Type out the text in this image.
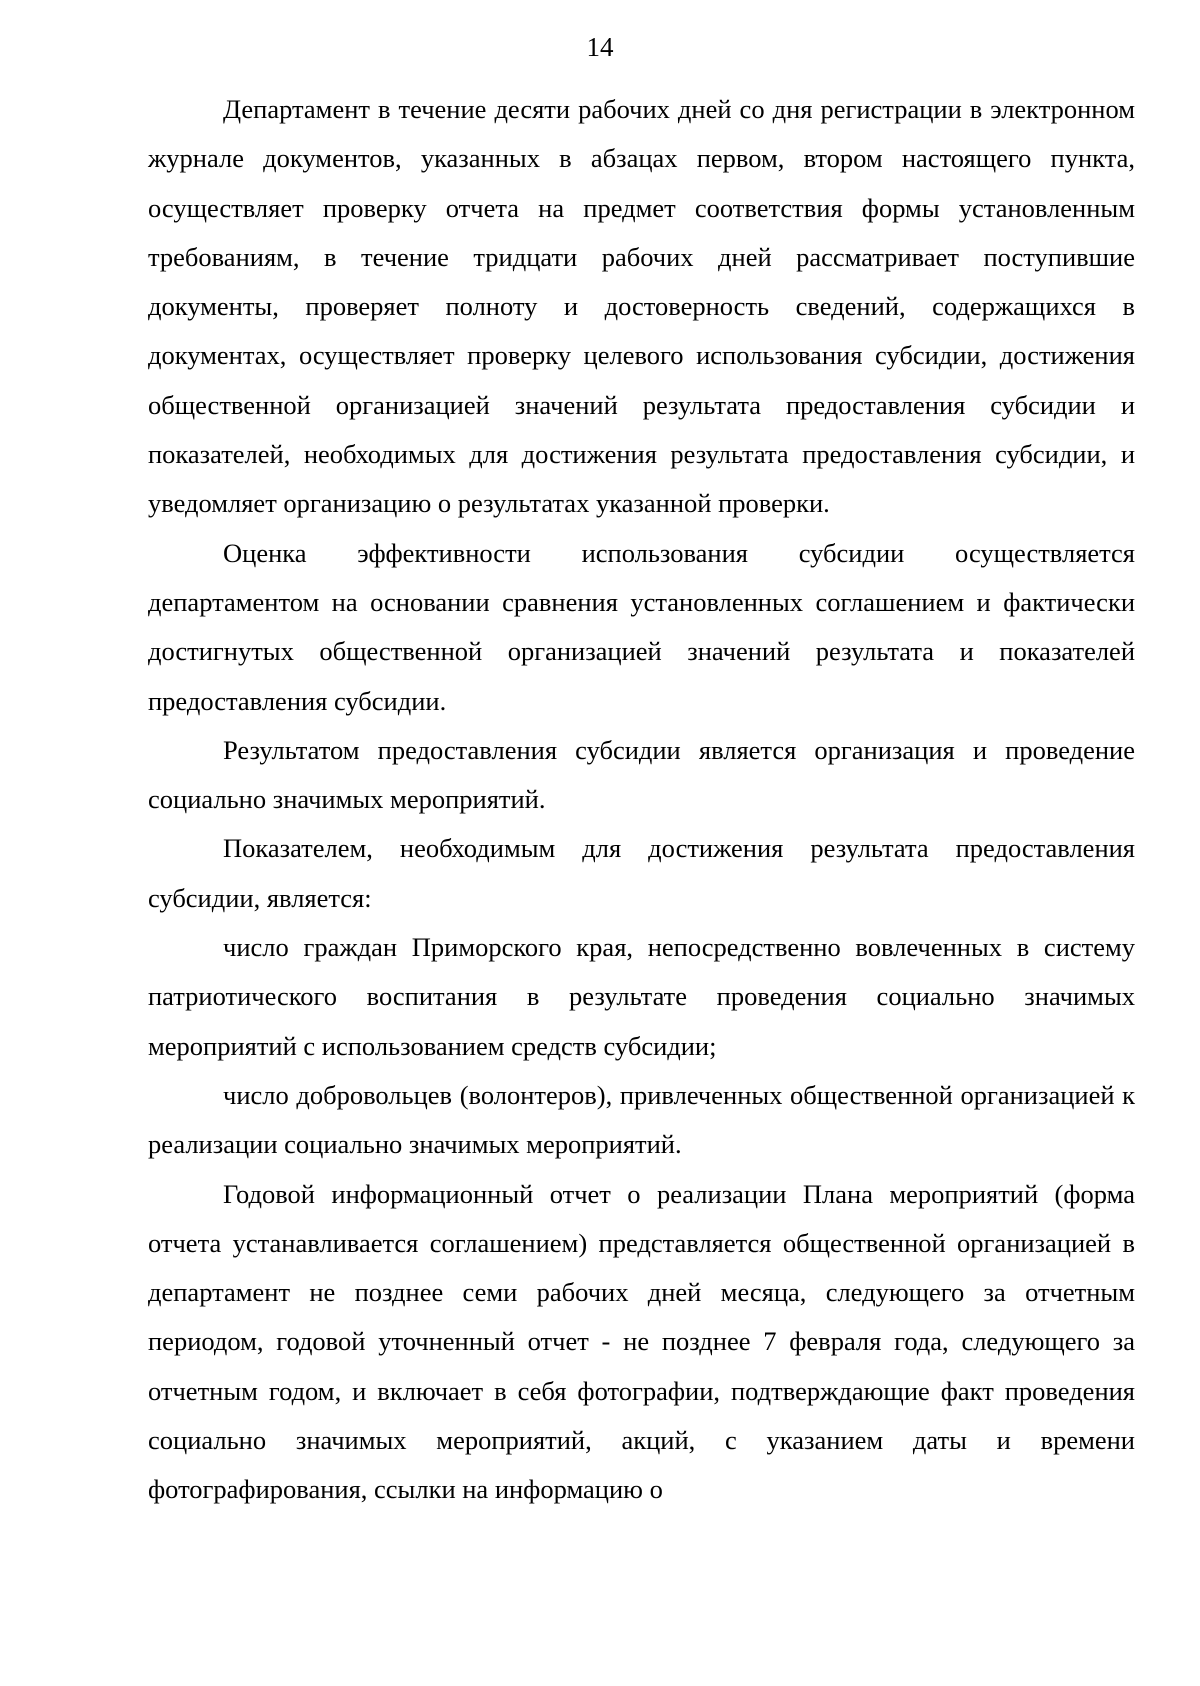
14

Департамент в течение десяти рабочих дней со дня регистрации в электронном журнале документов, указанных в абзацах первом, втором настоящего пункта, осуществляет проверку отчета на предмет соответствия формы установленным требованиям, в течение тридцати рабочих дней рассматривает поступившие документы, проверяет полноту и достоверность сведений, содержащихся в документах, осуществляет проверку целевого использования субсидии, достижения общественной организацией значений результата предоставления субсидии и показателей, необходимых для достижения результата предоставления субсидии, и уведомляет организацию о результатах указанной проверки.

Оценка эффективности использования субсидии осуществляется департаментом на основании сравнения установленных соглашением и фактически достигнутых общественной организацией значений результата и показателей предоставления субсидии.

Результатом предоставления субсидии является организация и проведение социально значимых мероприятий.

Показателем, необходимым для достижения результата предоставления субсидии, является:

число граждан Приморского края, непосредственно вовлеченных в систему патриотического воспитания в результате проведения социально значимых мероприятий с использованием средств субсидии;

число добровольцев (волонтеров), привлеченных общественной организацией к реализации социально значимых мероприятий.

Годовой информационный отчет о реализации Плана мероприятий (форма отчета устанавливается соглашением) представляется общественной организацией в департамент не позднее семи рабочих дней месяца, следующего за отчетным периодом, годовой уточненный отчет - не позднее 7 февраля года, следующего за отчетным годом, и включает в себя фотографии, подтверждающие факт проведения социально значимых мероприятий, акций, с указанием даты и времени фотографирования, ссылки на информацию о
